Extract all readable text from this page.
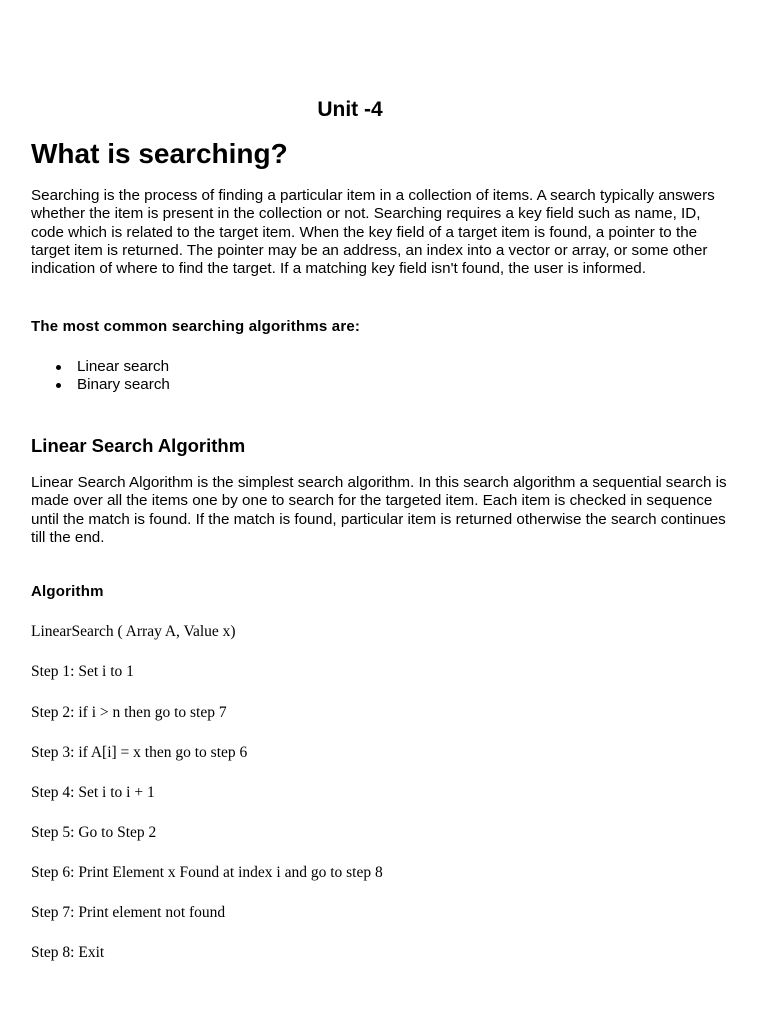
Unit -4
What is searching?

Searching is the process of finding a particular item in a collection of items. A search typically answers whether the item is present in the collection or not. Searching requires a key field such as name, ID, code which is related to the target item. When the key field of a target item is found, a pointer to the target item is returned. The pointer may be an address, an index into a vector or array, or some other indication of where to find the target. If a matching key field isn't found, the user is informed.

The most common searching algorithms are:

Linear search
Binary search
Linear Search Algorithm

Linear Search Algorithm is the simplest search algorithm. In this search algorithm a sequential search is made over all the items one by one to search for the targeted item. Each item is checked in sequence until the match is found. If the match is found, particular item is returned otherwise the search continues till the end.

Algorithm

LinearSearch ( Array A, Value x)

Step 1: Set i to 1

Step 2: if i > n then go to step 7

Step 3: if A[i] = x then go to step 6

Step 4: Set i to i + 1

Step 5: Go to Step 2

Step 6: Print Element x Found at index i and go to step 8

Step 7: Print element not found

Step 8: Exit
